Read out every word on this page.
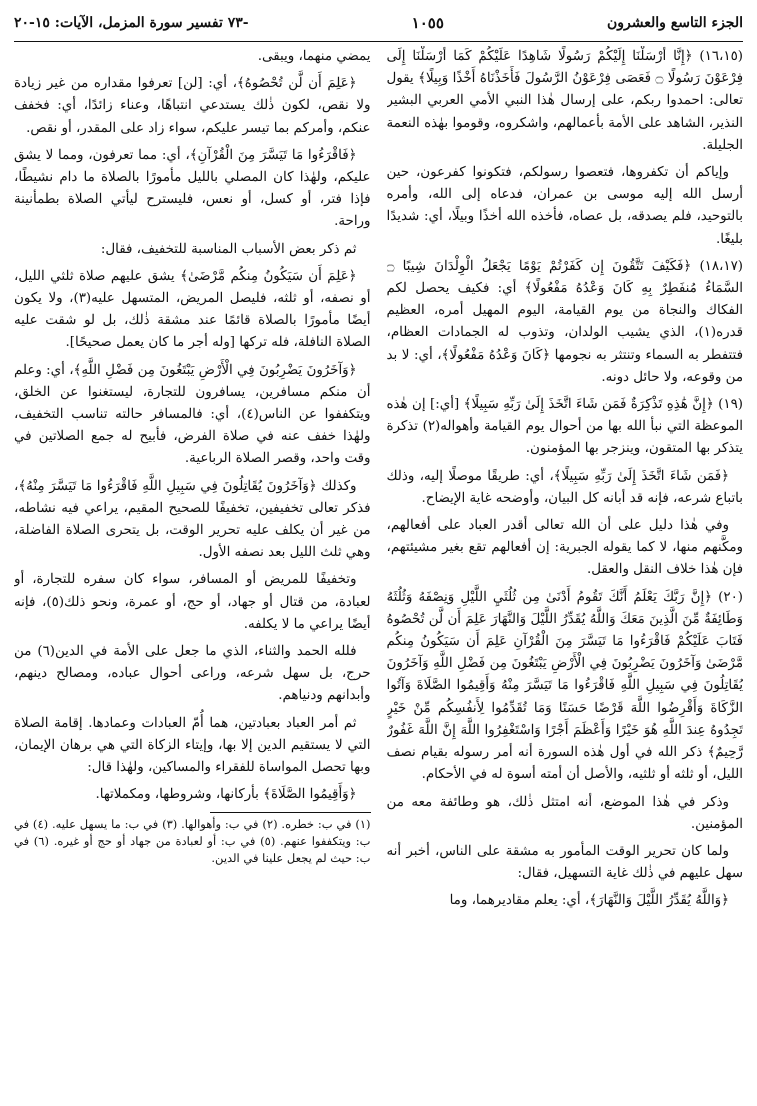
الجزء التاسع والعشرون
١٠٥٥
-٧٣ تفسير سورة المزمل، الآيات: ١٥-٢٠

(١٦،١٥) ﴿إِنَّا أَرْسَلْنَا إِلَيْكُمْ رَسُولًا شَاهِدًا عَلَيْكُمْ كَمَا أَرْسَلْنَا إِلَى فِرْعَوْنَ رَسُولًا ۝ فَعَصَى فِرْعَوْنُ الرَّسُولَ فَأَخَذْنَاهُ أَخْذًا وَبِيلًا﴾ يقول تعالى: احمدوا ربكم، على إرسال هٰذا النبي الأمي العربي البشير النذير، الشاهد على الأمة بأعمالهم، واشكروه، وقوموا بهٰذه النعمة الجليلة.

وإياكم أن تكفروها، فتعصوا رسولكم، فتكونوا كفرعون، حين أرسل الله إليه موسى بن عمران، فدعاه إلى الله، وأمره بالتوحيد، فلم يصدقه، بل عصاه، فأخذه الله أخذًا وبيلًا، أي: شديدًا بليغًا.

(١٨،١٧) ﴿فَكَيْفَ تَتَّقُونَ إِن كَفَرْتُمْ يَوْمًا يَجْعَلُ الْوِلْدَانَ شِيبًا ۝ السَّمَاءُ مُنفَطِرٌ بِهِ كَانَ وَعْدُهُ مَفْعُولًا﴾ أي: فكيف يحصل لكم الفكاك والنجاة من يوم القيامة، اليوم المهيل أمره، العظيم قدره(١)، الذي يشيب الولدان، وتذوب له الجمادات العظام، فتتفطر به السماء وتنتثر به نجومها ﴿كَانَ وَعْدُهُ مَفْعُولًا﴾، أي: لا بد من وقوعه، ولا حائل دونه.

(١٩) ﴿إِنَّ هَٰذِهِ تَذْكِرَةٌ فَمَن شَاءَ اتَّخَذَ إِلَىٰ رَبِّهِ سَبِيلًا﴾ [أي:] إن هٰذه الموعظة التي نبأ الله بها من أحوال يوم القيامة وأهواله(٢) تذكرة يتذكر بها المتقون، وينزجر بها المؤمنون.

﴿فَمَن شَاءَ اتَّخَذَ إِلَىٰ رَبِّهِ سَبِيلًا﴾، أي: طريقًا موصلًا إليه، وذلك باتباع شرعه، فإنه قد أبانه كل البيان، وأوضحه غاية الإيضاح.

وفي هٰذا دليل على أن الله تعالى أقدر العباد على أفعالهم، ومكَّنهم منها، لا كما يقوله الجبرية: إن أفعالهم تقع بغير مشيئتهم، فإن هٰذا خلاف النقل والعقل.

(٢٠) ﴿إِنَّ رَبَّكَ يَعْلَمُ أَنَّكَ تَقُومُ أَدْنَىٰ مِن ثُلُثَيِ اللَّيْلِ وَنِصْفَهُ وَثُلُثَهُ وَطَائِفَةٌ مِّنَ الَّذِينَ مَعَكَ وَاللَّهُ يُقَدِّرُ اللَّيْلَ وَالنَّهَارَ عَلِمَ أَن لَّن تُحْصُوهُ فَتَابَ عَلَيْكُمْ فَاقْرَءُوا مَا تَيَسَّرَ مِنَ الْقُرْآنِ عَلِمَ أَن سَيَكُونُ مِنكُم مَّرْضَىٰ وَآخَرُونَ يَضْرِبُونَ فِي الْأَرْضِ يَبْتَغُونَ مِن فَضْلِ اللَّهِ وَآخَرُونَ يُقَاتِلُونَ فِي سَبِيلِ اللَّهِ فَاقْرَءُوا مَا تَيَسَّرَ مِنْهُ وَأَقِيمُوا الصَّلَاةَ وَآتُوا الزَّكَاةَ وَأَقْرِضُوا اللَّهَ قَرْضًا حَسَنًا وَمَا تُقَدِّمُوا لِأَنفُسِكُم مِّنْ خَيْرٍ تَجِدُوهُ عِندَ اللَّهِ هُوَ خَيْرًا وَأَعْظَمَ أَجْرًا وَاسْتَغْفِرُوا اللَّهَ إِنَّ اللَّهَ غَفُورٌ رَّحِيمٌ﴾ ذكر الله في أول هٰذه السورة أنه أمر رسوله بقيام نصف الليل، أو ثلثه أو ثلثيه، والأصل أن أمته أسوة له في الأحكام.

وذكر في هٰذا الموضع، أنه امتثل ذٰلك، هو وطائفة معه من المؤمنين.

ولما كان تحرير الوقت المأمور به مشقة على الناس، أخبر أنه سهل عليهم في ذٰلك غاية التسهيل، فقال:

﴿وَاللَّهُ يُقَدِّرُ اللَّيْلَ وَالنَّهَارَ﴾، أي: يعلم مقاديرهما، وما

يمضي منهما، ويبقى.

﴿عَلِمَ أَن لَّن تُحْصُوهُ﴾، أي: [لن] تعرفوا مقداره من غير زيادة ولا نقص، لكون ذٰلك يستدعي انتباهًا، وعناء زائدًا، أي: فخفف عنكم، وأمركم بما تيسر عليكم، سواء زاد على المقدر، أو نقص.

﴿فَاقْرَءُوا مَا تَيَسَّرَ مِنَ الْقُرْآنِ﴾، أي: مما تعرفون، ومما لا يشق عليكم، ولهٰذا كان المصلي بالليل مأمورًا بالصلاة ما دام نشيطًا، فإذا فتر، أو كسل، أو نعس، فليسترح ليأتي الصلاة بطمأنينة وراحة.

ثم ذكر بعض الأسباب المناسبة للتخفيف، فقال:

﴿عَلِمَ أَن سَيَكُونُ مِنكُم مَّرْضَىٰ﴾ يشق عليهم صلاة ثلثي الليل، أو نصفه، أو ثلثه، فليصل المريض، المتسهل عليه(٣)، ولا يكون أيضًا مأمورًا بالصلاة قائمًا عند مشقة ذٰلك، بل لو شقت عليه الصلاة النافلة، فله تركها [وله أجر ما كان يعمل صحيحًا].

﴿وَآخَرُونَ يَضْرِبُونَ فِي الْأَرْضِ يَبْتَغُونَ مِن فَضْلِ اللَّهِ﴾، أي: وعلم أن منكم مسافرين، يسافرون للتجارة، ليستغنوا عن الخلق، ويتكففوا عن الناس(٤)، أي: فالمسافر حالته تناسب التخفيف، ولهٰذا خفف عنه في صلاة الفرض، فأبيح له جمع الصلاتين في وقت واحد، وقصر الصلاة الرباعية.

وكذلك ﴿وَآخَرُونَ يُقَاتِلُونَ فِي سَبِيلِ اللَّهِ فَاقْرَءُوا مَا تَيَسَّرَ مِنْهُ﴾، فذكر تعالى تخفيفين، تخفيفًا للصحيح المقيم، يراعي فيه نشاطه، من غير أن يكلف عليه تحرير الوقت، بل يتحرى الصلاة الفاضلة، وهي ثلث الليل بعد نصفه الأول.

وتخفيفًا للمريض أو المسافر، سواء كان سفره للتجارة، أو لعبادة، من قتال أو جهاد، أو حج، أو عمرة، ونحو ذلك(٥)، فإنه أيضًا يراعي ما لا يكلفه.

فلله الحمد والثناء، الذي ما جعل على الأمة في الدين(٦) من حرج، بل سهل شرعه، وراعى أحوال عباده، ومصالح دينهم، وأبدانهم ودنياهم.

ثم أمر العباد بعبادتين، هما أُمّ العبادات وعمادها. إقامة الصلاة التي لا يستقيم الدين إلا بها، وإيتاء الزكاة التي هي برهان الإيمان، وبها تحصل المواساة للفقراء والمساكين، ولهٰذا قال:

﴿وَأَقِيمُوا الصَّلَاةَ﴾ بأركانها، وشروطها، ومكملاتها.

(١) في ب: خطره. (٢) في ب: وأهوالها. (٣) في ب: ما يسهل عليه. (٤) في ب: ويتكففوا عنهم. (٥) في ب: أو لعبادة من جهاد أو حج أو غيره. (٦) في ب: حيث لم يجعل علينا في الدين.
